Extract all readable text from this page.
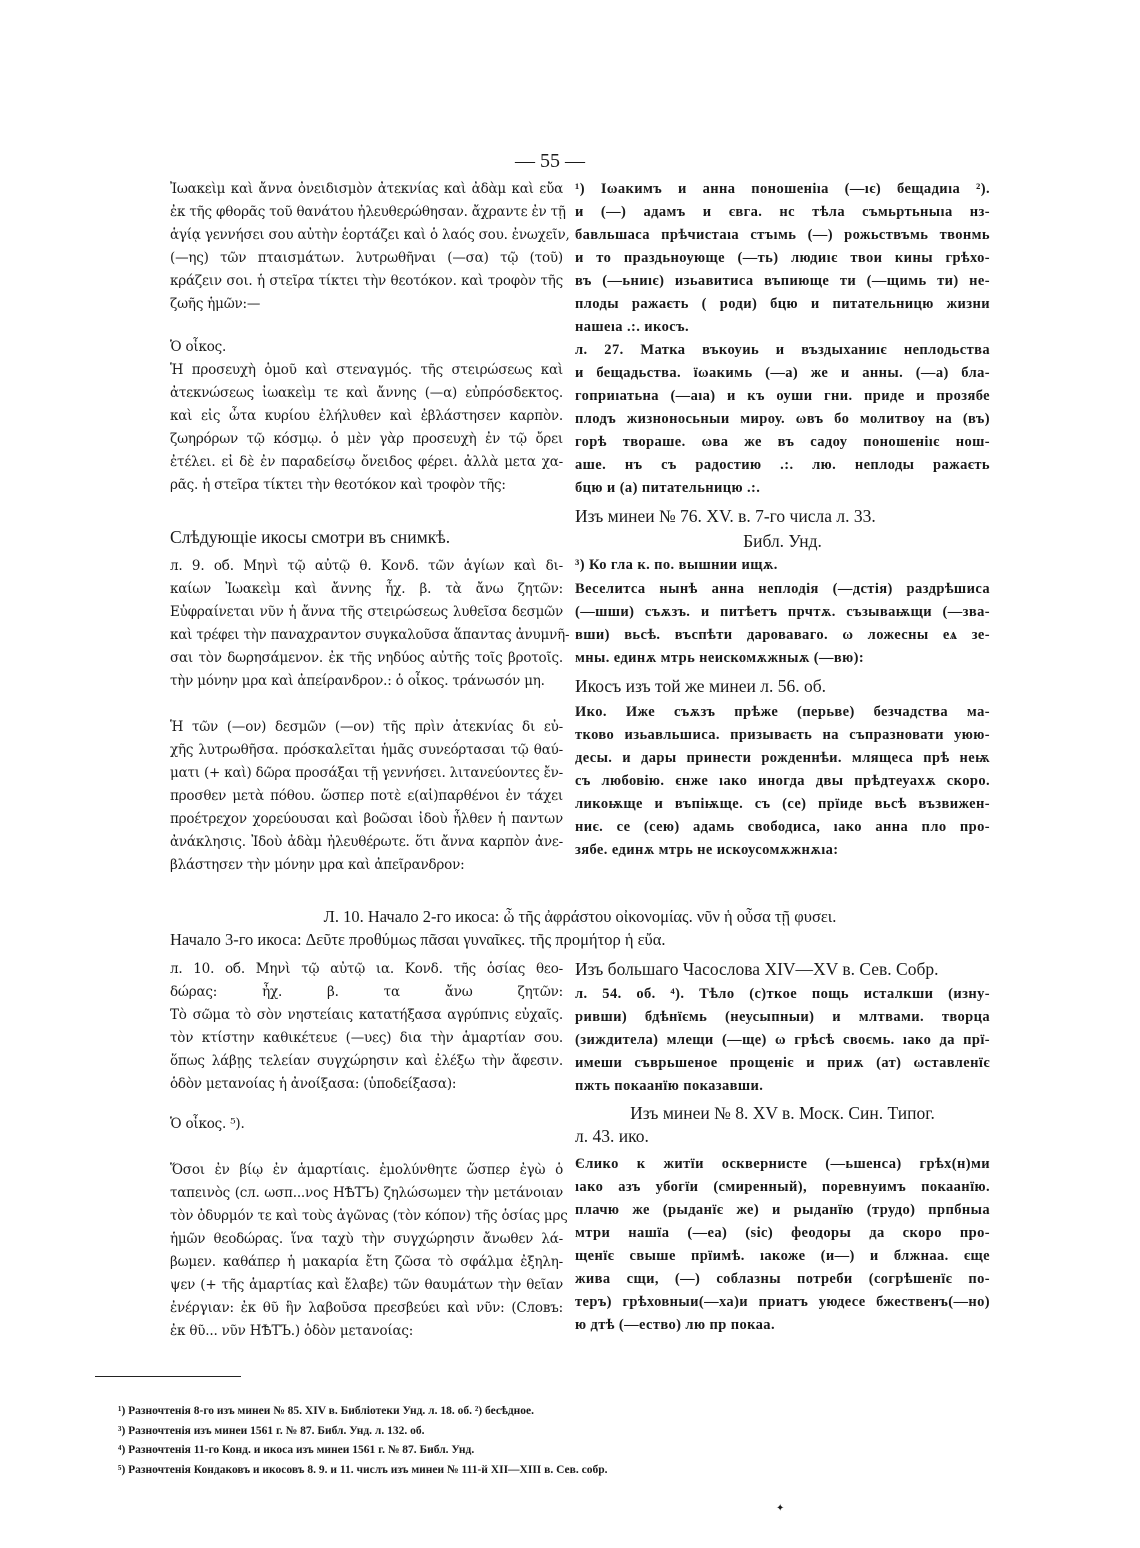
— 55 —
Ἰωακεὶμ καὶ ἄννα ὀνειδισμὸν ἀτεκνίας καὶ ἀδὰμ καὶ εὔα
ἐκ τῆς φθορᾶς τοῦ θανάτου ἠλευθερώθησαν. ἄχραντε ἐν τῇ
ἁγίᾳ γεννήσει σου αὐτὴν ἑορτάζει καὶ ὁ λαός σου. ἐνωχεῖν,
(—ης) τῶν πταισμάτων. λυτρωθῆναι (—σα) τῷ (τοῦ)
κράζειν σοι. ἡ στεῖρα τίκτει τὴν θεοτόκον. καὶ τροφὸν τῆς
ζωῆς ἡμῶν:—
Ὁ οἶκος.
Ἡ προσευχὴ ὁμοῦ καὶ στεναγμός. τῆς στειρώσεως καὶ
ἀτεκνώσεως ἰωακεὶμ τε καὶ ἄννης (—α) εὐπρόσδεκτος.
καὶ εἰς ὦτα κυρίου ἐλήλυθεν καὶ ἐβλάστησεν καρπὸν.
ζωηρόρων τῷ κόσμῳ. ὁ μὲν γὰρ προσευχὴ ἐν τῷ ὄρει
ἐτέλει. εἰ δὲ ἐν παραδείσῳ ὄνειδος φέρει. ἀλλὰ μετα χα-
ρᾶς. ἡ στεῖρα τίκτει τὴν θεοτόκον καὶ τροφὸν τῆς:
Слѣдующіе икосы смотри въ снимкѣ.
л. 9. об. Μηνὶ τῷ αὐτῷ θ. Κονδ. τῶν ἁγίων καὶ δι-
καίων Ἰωακεὶμ καὶ ἄννης ἦχ. β. τὰ ἄνω ζητῶν:
Εὐφραίνεται νῦν ἡ ἄννα τῆς στειρώσεως λυθεῖσα δεσμῶν
καὶ τρέφει τὴν παναχραντον συγκαλοῦσα ἅπαντας ἀνυμνῆ-
σαι τὸν δωρησάμενον. ἐκ τῆς νηδύος αὐτῆς τοῖς βροτοῖς.
τὴν μόνην μρα καὶ ἀπείρανδρον.: ὁ οἶκος. τράνωσόν μη.
Ἡ τῶν (—ον) δεσμῶν (—ον) τῆς πρὶν ἀτεκνίας δι εὐ-
χῆς λυτρωθῆσα. πρόσκαλεῖται ἡμᾶς συνεόρτασαι τῷ θαύ-
ματι (+ καὶ) δῶρα προσάξαι τῇ γεννήσει. λιτανεύοντες ἔν-
προσθεν μετὰ πόθου. ὥσπερ ποτὲ ε(αἱ)παρθένοι ἐν τάχει
προέτρεχον χορεύουσαι καὶ βοῶσαι ἰδοὺ ἦλθεν ἡ παντων
ἀνάκλησις. Ἰδοὺ ἀδὰμ ἠλευθέρωτε. ὅτι ἄννα καρπὸν ἀνε-
βλάστησεν τὴν μόνην μρα καὶ ἀπεῖρανδρον:
Л. 10. Начало 2-го икоса: ὦ τῆς ἀφράστου οἰκονομίας. νῦν ἡ οὖσα τῇ φυσει.
Начало 3-го икоса: Δεῦτε προθύμως πᾶσαι γυναῖκες. τῆς προμήτορ ἡ εὔα.
л. 10. об. Μηνὶ τῷ αὐτῷ ια. Κονδ. τῆς ὁσίας θεο-
δώρας: ἦχ. β. τα ἄνω ζητῶν:
Τὸ σῶμα τὸ σὸν νηστείαις κατατήξασα αγρύπνις εὐχαῖς.
τὸν κτίστην καθικέτευε (—υες) δια τὴν ἁμαρτίαν σου.
ὅπως λάβῃς τελείαν συγχώρησιν καὶ ἐλέξω τὴν ἄφεσιν.
ὁδὸν μετανοίας ἡ ἀνοίξασα: (ὑποδείξασα):
Ὁ οἶκος. ⁵).
Ὅσοι ἐν βίῳ ἐν ἁμαρτίαις. ἐμολύνθητε ὥσπερ ἐγὼ ὁ
ταπεινὸς (сл. ωσπ...νος НѢТЪ) ζηλώσωμεν τὴν μετάνοιαν
τὸν ὀδυρμόν τε καὶ τοὺς ἀγῶνας (τὸν κόπον) τῆς ὁσίας μρς
ἡμῶν θεοδώρας. ἵνα ταχὺ τὴν συγχώρησιν ἄνωθεν λά-
βωμεν. καθάπερ ἡ μακαρία ἔτη ζῶσα τὸ σφάλμα ἐξηλη-
ψεν (+ τῆς ἁμαρτίας καὶ ἔλαβε) τῶν θαυμάτων τὴν θεῖαν
ἐνέργιαν: ἐκ θῦ ἣν λαβοῦσα πρεσβεύει καὶ νῦν: (Словъ:
ἐκ θῦ... νῦν НѢТЪ.) ὁδὸν μετανοίας:
¹) Іωакимъ и анна поношеніıа (—ıє) бещадиıа ²).
и (—) адамъ и євга. нс тѣла съмьртьныıа нз-
бавльшаса прѣчистаıа стъıмь (—) рожьствъмь твонмь
и то праздьноующе (—ть) людиıє твои кины грѣхо-
въ (—ьниıє) изьавитиса въпиюще ти (—щимь ти) не-
плоды ражаєть ( роди) бцю и питательницю жизни
нашеıа .:. икосъ.
л. 27. Матка въкоуиь и въздыханиıє неплодьства
и бещадьства. їωакимь (—а) же и анны. (—а) бла-
гоприıатьна (—аıа) и къ оуши гни. приде и прозябе
плодъ жизноносьныи мироу. ωвъ бо молитвоу на (въ)
горѣ твораше. ωва же въ садоу поношеніıє нош-
аше. нъ съ радостию .:. лю. неплоды ражаєть
бцю и (а) питательницю .:.
Изъ минеи № 76. XV. в. 7-го числа л. 33.
Библ. Унд.
³) Ко гла к. по. вышнии ищѫ.
Веселитса нынѣ анна неплодія (—дстія) раздрѣшиса
(—шши) съѫзъ. и питѣетъ прчтѫ. съзываѭщи (—зва-
вши) вьсѣ. въспѣти дароваваго. ω ложесны еѧ зе-
мны. единѫ мтрь неискомѫжныѫ (—вю):
Икосъ изъ той же минеи л. 56. об.
Ико. Иже съѫзъ прѣже (перьве) безчадства ма-
тково изьавльшиса. призываєть на съпразновати уюю-
десы. и дары принести рожденнѣи. млящеса прѣ неѭ
съ любовію. єнже ıако иногда двы прѣдтеуахѫ скоро.
ликоѭще и въпіѭще. съ (се) прїиде вьсѣ възвижен-
ниє. се (сею) адамь свободиса, ıако анна пло про-
зябе. единѫ мтрь не искоусомѫжнѫıа:
Изъ большаго Часослова XIV—XV в. Сев. Собр.
л. 54. об. ⁴). Тѣло (с)ткое пощь исталкши (изну-
ривши) бдѣнїємь (неусыпныи) и млтвами. творца
(зиждитела) млещи (—ще) ω грѣсѣ своємь. ıако да прї-
имеши съврьшеное прощеніє и приѫ (ат) ωставленїє
пжть покаанїю показавши.
Изъ минеи № 8. XV в. Моск. Син. Типог.
л. 43. ико.
Єлико к житїи осквернисте (—ьшенса) грѣх(н)ми
ıако азъ убогїи (смиренный), поревнуимъ покаанїю.
плачю же (рыданїє же) и рыданїю (трудо) прпбныа
мтри нашїа (—еа) (sic) феодоры да скоро про-
щенїє свыше прїимѣ. ıакоже (и—) и блжнаа. єще
жива сщи, (—) соблазны потреби (согрѣшенїє по-
теръ) грѣховныи(—ха)и приатъ уюдесе бжественъ(—но)
ю дтѣ (—ество) лю пр покаа.
¹) Разночтенія 8-го изъ минеи № 85. XIV в. Библіотеки Унд. л. 18. об. ²) бесѣдное.
³) Разночтенія изъ минеи 1561 г. № 87. Библ. Унд. л. 132. об.
⁴) Разночтенія 11-го Конд. и икоса изъ минеи 1561 г. № 87. Библ. Унд.
⁵) Разночтенія Кондаковъ и икосовъ 8. 9. и 11. числъ изъ минеи № 111-й XII—XIII в. Сев. собр.
✦
